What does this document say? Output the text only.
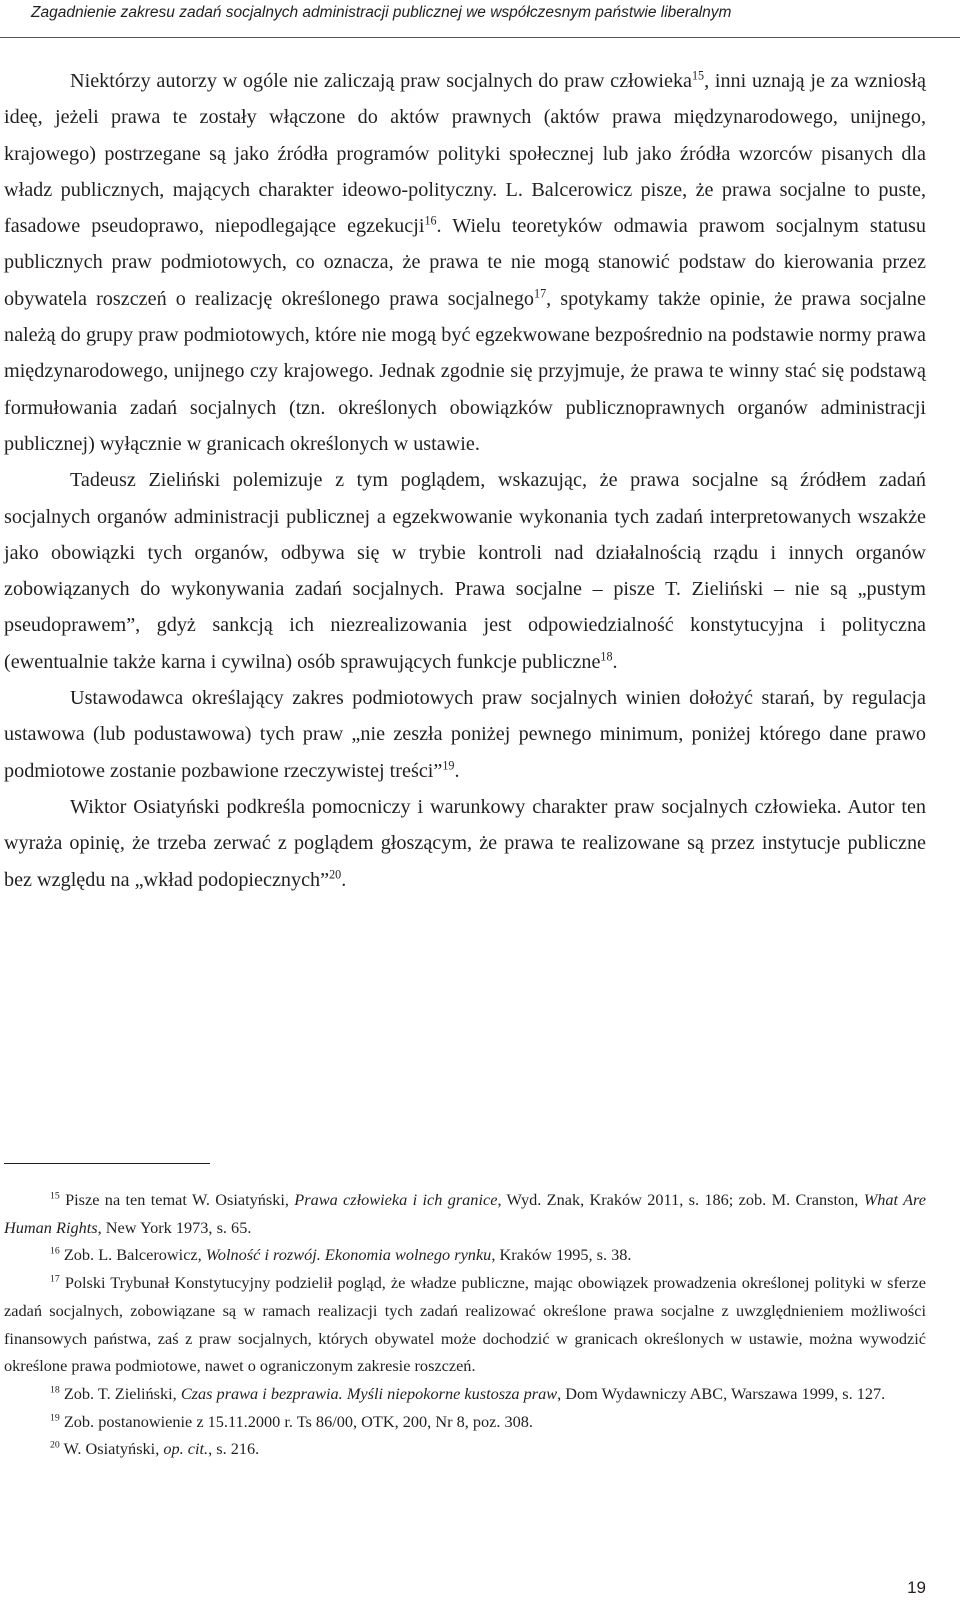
Zagadnienie zakresu zadań socjalnych administracji publicznej we współczesnym państwie liberalnym

Niektórzy autorzy w ogóle nie zaliczają praw socjalnych do praw człowieka$^{15}$, inni uznają je za wzniosłą ideę, jeżeli prawa te zostały włączone do aktów prawnych (aktów prawa międzynarodowego, unijnego, krajowego) postrzegane są jako źródła programów polityki społecznej lub jako źródła wzorców pisanych dla władz publicznych, mających charakter ideowo-polityczny. L. Balcerowicz pisze, że prawa socjalne to puste, fasadowe pseudoprawo, niepodlegające egzekucji$^{16}$. Wielu teoretyków odmawia prawom socjalnym statusu publicznych praw podmiotowych, co oznacza, że prawa te nie mogą stanowić podstaw do kierowania przez obywatela roszczeń o realizację określonego prawa socjalnego$^{17}$, spotykamy także opinie, że prawa socjalne należą do grupy praw podmiotowych, które nie mogą być egzekwowane bezpośrednio na podstawie normy prawa międzynarodowego, unijnego czy krajowego. Jednak zgodnie się przyjmuje, że prawa te winny stać się podstawą formułowania zadań socjalnych (tzn. określonych obowiązków publicznoprawnych organów administracji publicznej) wyłącznie w granicach określonych w ustawie.

Tadeusz Zieliński polemizuje z tym poglądem, wskazując, że prawa socjalne są źródłem zadań socjalnych organów administracji publicznej a egzekwowanie wykonania tych zadań interpretowanych wszakże jako obowiązki tych organów, odbywa się w trybie kontroli nad działalnością rządu i innych organów zobowiązanych do wykonywania zadań socjalnych. Prawa socjalne – pisze T. Zieliński – nie są „pustym pseudoprawem”, gdyż sankcją ich niezrealizowania jest odpowiedzialność konstytucyjna i polityczna (ewentualnie także karna i cywilna) osób sprawujących funkcje publiczne$^{18}$.

Ustawodawca określający zakres podmiotowych praw socjalnych winien dołożyć starań, by regulacja ustawowa (lub podustawowa) tych praw „nie zeszła poniżej pewnego minimum, poniżej którego dane prawo podmiotowe zostanie pozbawione rzeczywistej treści”$^{19}$.

Wiktor Osiatyński podkreśla pomocniczy i warunkowy charakter praw socjalnych człowieka. Autor ten wyraża opinię, że trzeba zerwać z poglądem głoszącym, że prawa te realizowane są przez instytucje publiczne bez względu na „wkład podopiecznych”$^{20}$.

$^{15}$ Pisze na ten temat W. Osiatyński, Prawa człowieka i ich granice, Wyd. Znak, Kraków 2011, s. 186; zob. M. Cranston, What Are Human Rights, New York 1973, s. 65.

$^{16}$ Zob. L. Balcerowicz, Wolność i rozwój. Ekonomia wolnego rynku, Kraków 1995, s. 38.

$^{17}$ Polski Trybunał Konstytucyjny podzielił pogląd, że władze publiczne, mając obowiązek prowadzenia określonej polityki w sferze zadań socjalnych, zobowiązane są w ramach realizacji tych zadań realizować określone prawa socjalne z uwzględnieniem możliwości finansowych państwa, zaś z praw socjalnych, których obywatel może dochodzić w granicach określonych w ustawie, można wywodzić określone prawa podmiotowe, nawet o ograniczonym zakresie roszczeń.

$^{18}$ Zob. T. Zieliński, Czas prawa i bezprawia. Myśli niepokorne kustosza praw, Dom Wydawniczy ABC, Warszawa 1999, s. 127.

$^{19}$ Zob. postanowienie z 15.11.2000 r. Ts 86/00, OTK, 200, Nr 8, poz. 308.

$^{20}$ W. Osiatyński, op. cit., s. 216.

19
